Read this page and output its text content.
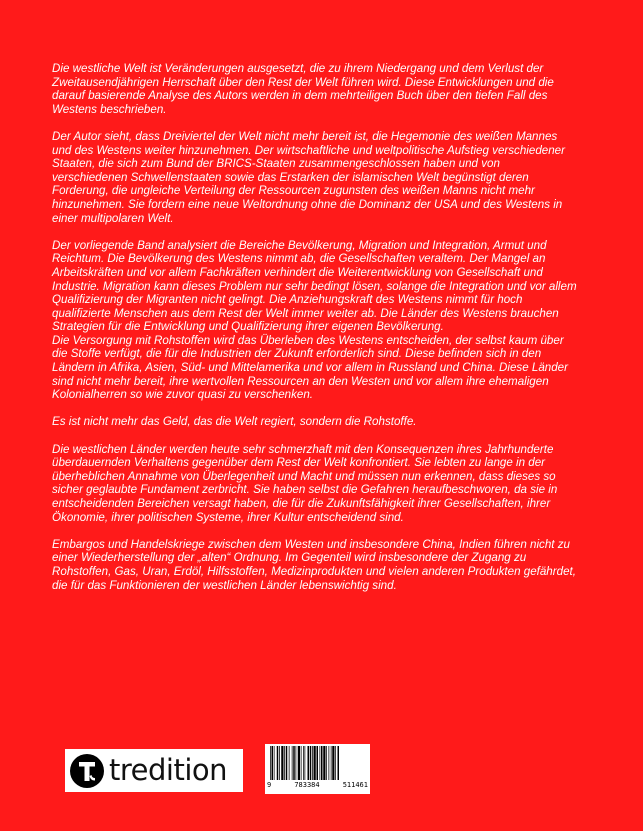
Die westliche Welt ist Veränderungen ausgesetzt, die zu ihrem Niedergang und dem Verlust der Zweitausendjährigen Herrschaft über den Rest der Welt führen wird. Diese Entwicklungen und die darauf basierende Analyse des Autors werden in dem mehrteiligen Buch über den tiefen Fall des Westens beschrieben.

Der Autor sieht, dass Dreiviertel der Welt nicht mehr bereit ist, die Hegemonie des weißen Mannes und des Westens weiter hinzunehmen. Der wirtschaftliche und weltpolitische Aufstieg verschiedener Staaten, die sich zum Bund der BRICS-Staaten zusammengeschlossen haben und von verschiedenen Schwellenstaaten sowie das Erstarken der islamischen Welt begünstigt deren Forderung, die ungleiche Verteilung der Ressourcen zugunsten des weißen Manns nicht mehr hinzunehmen. Sie fordern eine neue Weltordnung ohne die Dominanz der USA und des Westens in einer multipolaren Welt.

Der vorliegende Band analysiert die Bereiche Bevölkerung, Migration und Integration, Armut und Reichtum. Die Bevölkerung des Westens nimmt ab, die Gesellschaften veraltem. Der Mangel an Arbeitskräften und vor allem Fachkräften verhindert die Weiterentwicklung von Gesellschaft und Industrie. Migration kann dieses Problem nur sehr bedingt lösen, solange die Integration und vor allem Qualifizierung der Migranten nicht gelingt. Die Anziehungskraft des Westens nimmt für hoch qualifizierte Menschen aus dem Rest der Welt immer weiter ab. Die Länder des Westens brauchen Strategien für die Entwicklung und Qualifizierung ihrer eigenen Bevölkerung.

Die Versorgung mit Rohstoffen wird das Überleben des Westens entscheiden, der selbst kaum über die Stoffe verfügt, die für die Industrien der Zukunft erforderlich sind. Diese befinden sich in den Ländern in Afrika, Asien, Süd- und Mittelamerika und vor allem in Russland und China. Diese Länder sind nicht mehr bereit, ihre wertvollen Ressourcen an den Westen und vor allem ihre ehemaligen Kolonialherren so wie zuvor quasi zu verschenken.

Es ist nicht mehr das Geld, das die Welt regiert, sondern die Rohstoffe.

Die westlichen Länder werden heute sehr schmerzhaft mit den Konsequenzen ihres Jahrhunderte überdauernden Verhaltens gegenüber dem Rest der Welt konfrontiert. Sie lebten zu lange in der überheblichen Annahme von Überlegenheit und Macht und müssen nun erkennen, dass dieses so sicher geglaubte Fundament zerbricht. Sie haben selbst die Gefahren heraufbeschworen, da sie in entscheidenden Bereichen versagt haben, die für die Zukunftsfähigkeit ihrer Gesellschaften, ihrer Ökonomie, ihrer politischen Systeme, ihrer Kultur entscheidend sind.

Embargos und Handelskriege zwischen dem Westen und insbesondere China, Indien führen nicht zu einer Wiederherstellung der „alten“ Ordnung. Im Gegenteil wird insbesondere der Zugang zu Rohstoffen, Gas, Uran, Erdöl, Hilfsstoffen, Medizinprodukten und vielen anderen Produkten gefährdet, die für das Funktionieren der westlichen Länder lebenswichtig sind.

tredition	9	783384	511461
